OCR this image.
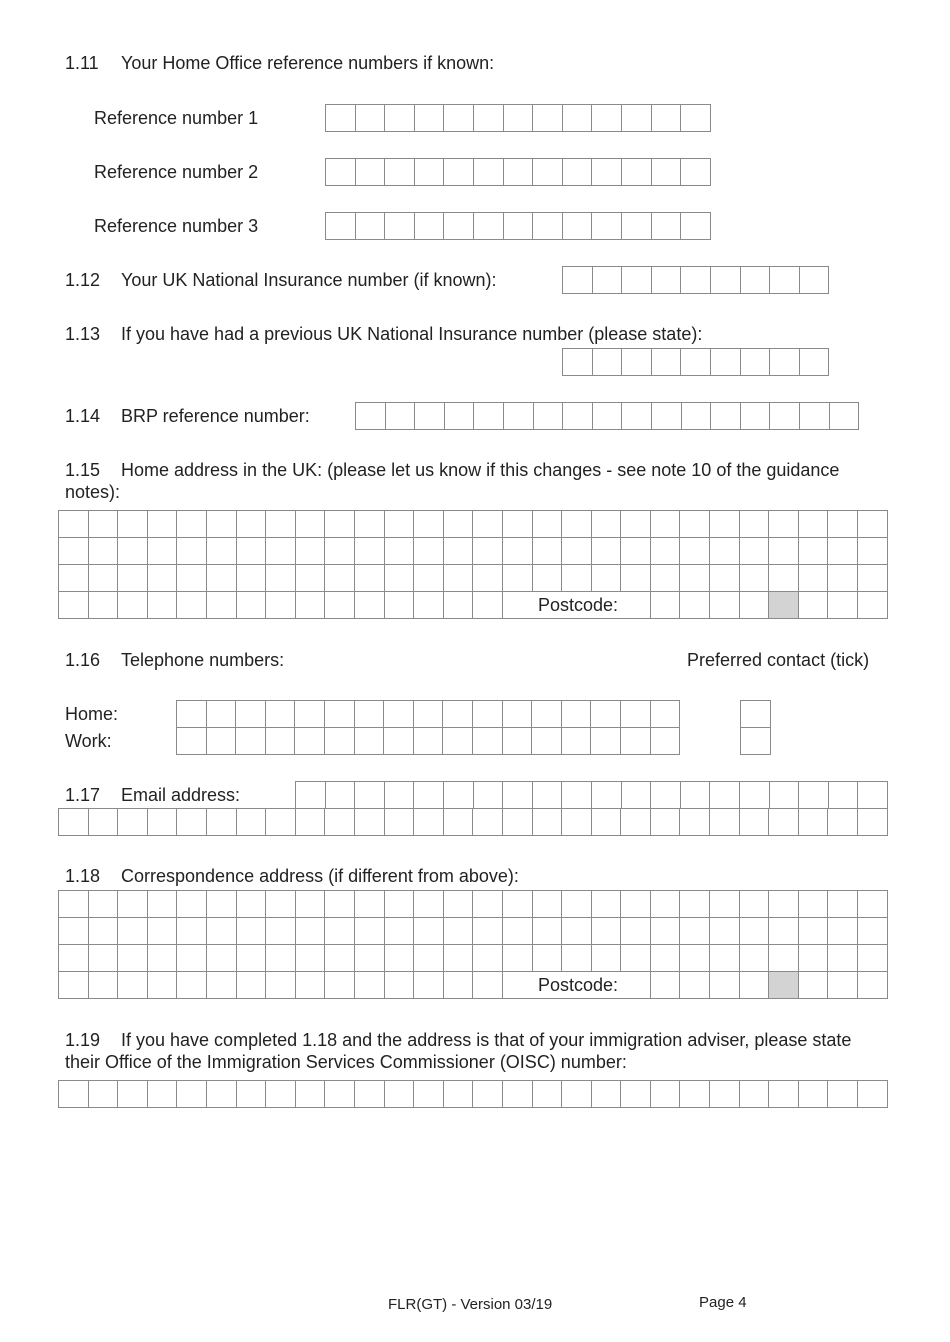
1.11 Your Home Office reference numbers if known:
Reference number 1
Reference number 2
Reference number 3
1.12 Your UK National Insurance number (if known):
1.13 If you have had a previous UK National Insurance number (please state):
1.14 BRP reference number:
1.15 Home address in the UK: (please let us know if this changes - see note 10 of the guidance notes):
Postcode:
1.16 Telephone numbers:	Preferred contact (tick)
Home:
Work:
1.17 Email address:
1.18 Correspondence address (if different from above):
Postcode:
1.19 If you have completed 1.18 and the address is that of your immigration adviser, please state their Office of the Immigration Services Commissioner (OISC) number:
FLR(GT) - Version 03/19	Page 4
